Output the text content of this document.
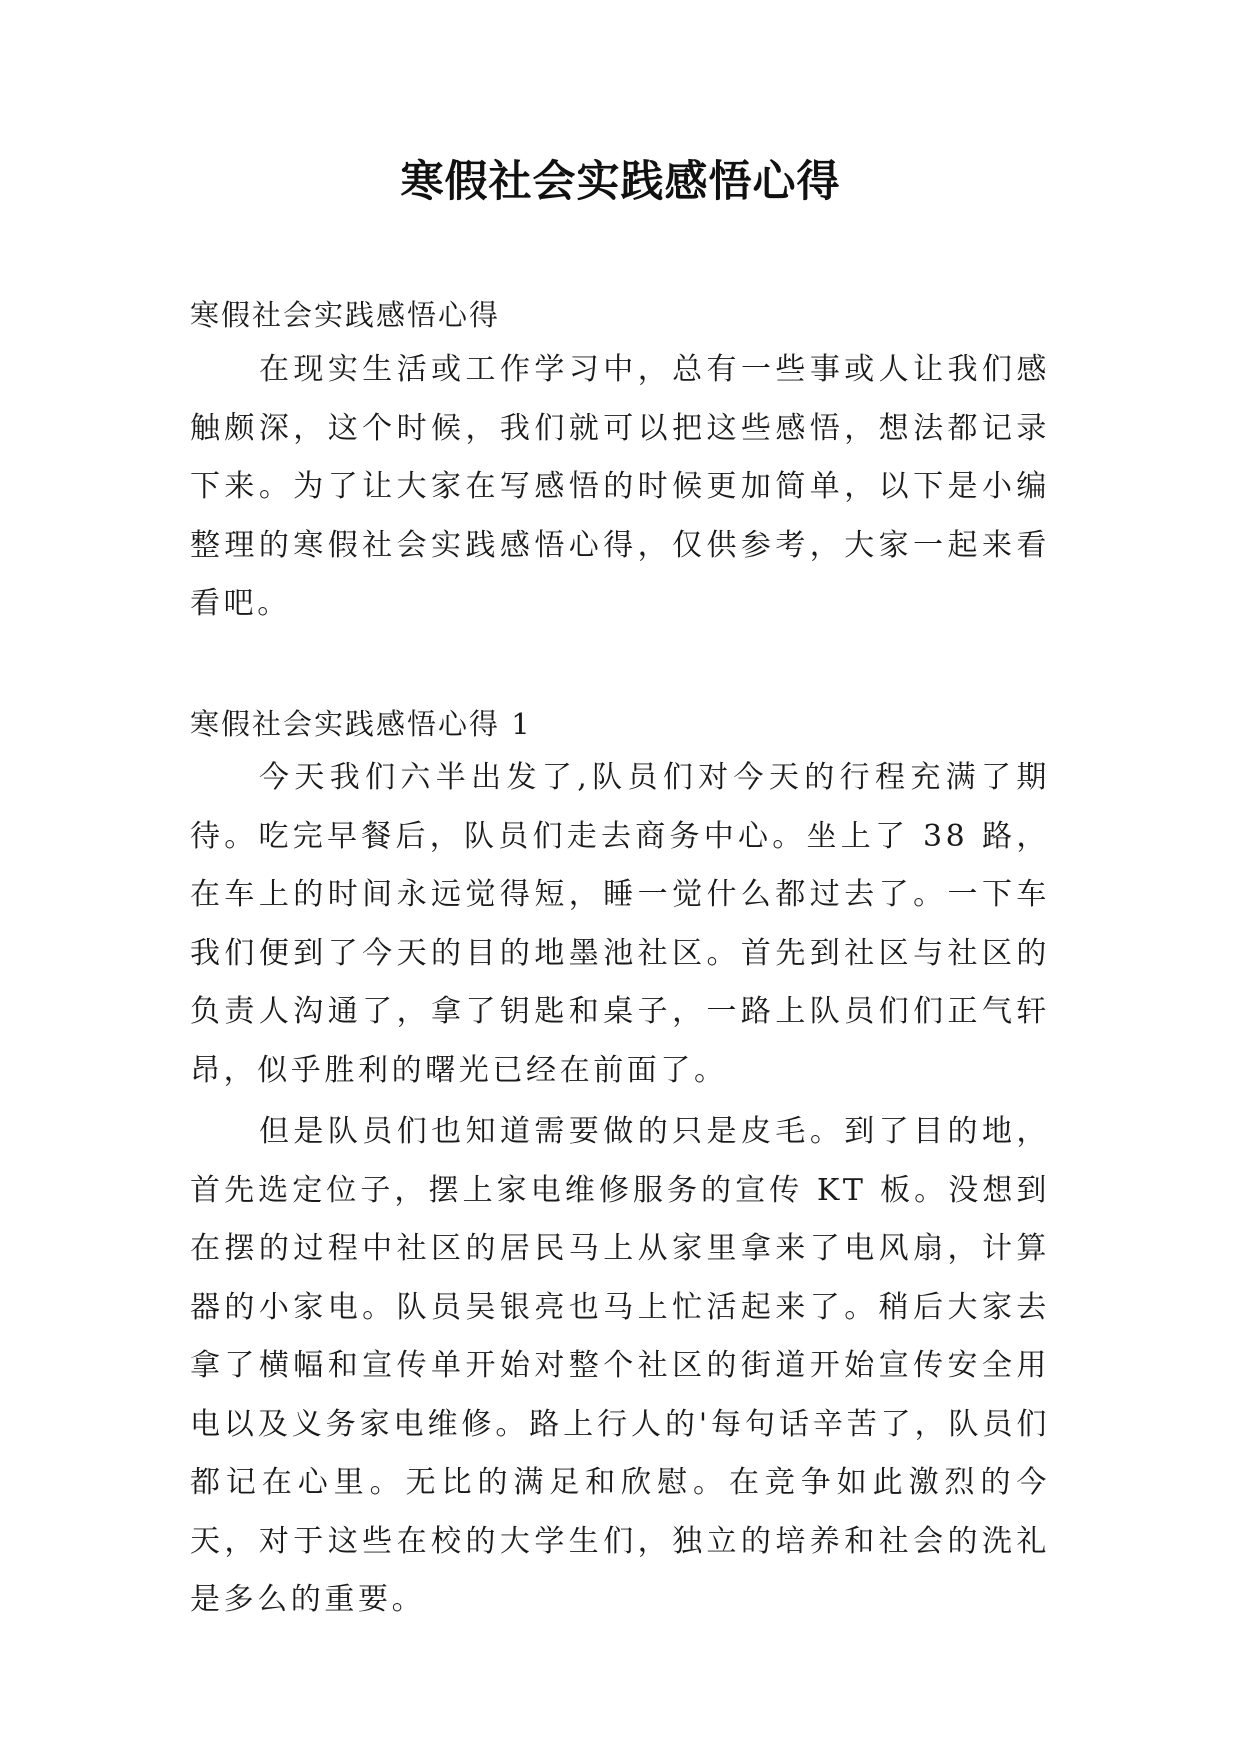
寒假社会实践感悟心得

寒假社会实践感悟心得

在现实生活或工作学习中，总有一些事或人让我们感触颇深，这个时候，我们就可以把这些感悟，想法都记录下来。为了让大家在写感悟的时候更加简单，以下是小编整理的寒假社会实践感悟心得，仅供参考，大家一起来看看吧。

寒假社会实践感悟心得 1

今天我们六半出发了,队员们对今天的行程充满了期待。吃完早餐后，队员们走去商务中心。坐上了 38 路，在车上的时间永远觉得短，睡一觉什么都过去了。一下车我们便到了今天的目的地墨池社区。首先到社区与社区的负责人沟通了，拿了钥匙和桌子，一路上队员们们正气轩昂，似乎胜利的曙光已经在前面了。

但是队员们也知道需要做的只是皮毛。到了目的地，首先选定位子，摆上家电维修服务的宣传 KT 板。没想到在摆的过程中社区的居民马上从家里拿来了电风扇，计算器的小家电。队员吴银亮也马上忙活起来了。稍后大家去拿了横幅和宣传单开始对整个社区的街道开始宣传安全用电以及义务家电维修。路上行人的'每句话辛苦了，队员们都记在心里。无比的满足和欣慰。在竞争如此激烈的今天，对于这些在校的大学生们，独立的培养和社会的洗礼是多么的重要。
